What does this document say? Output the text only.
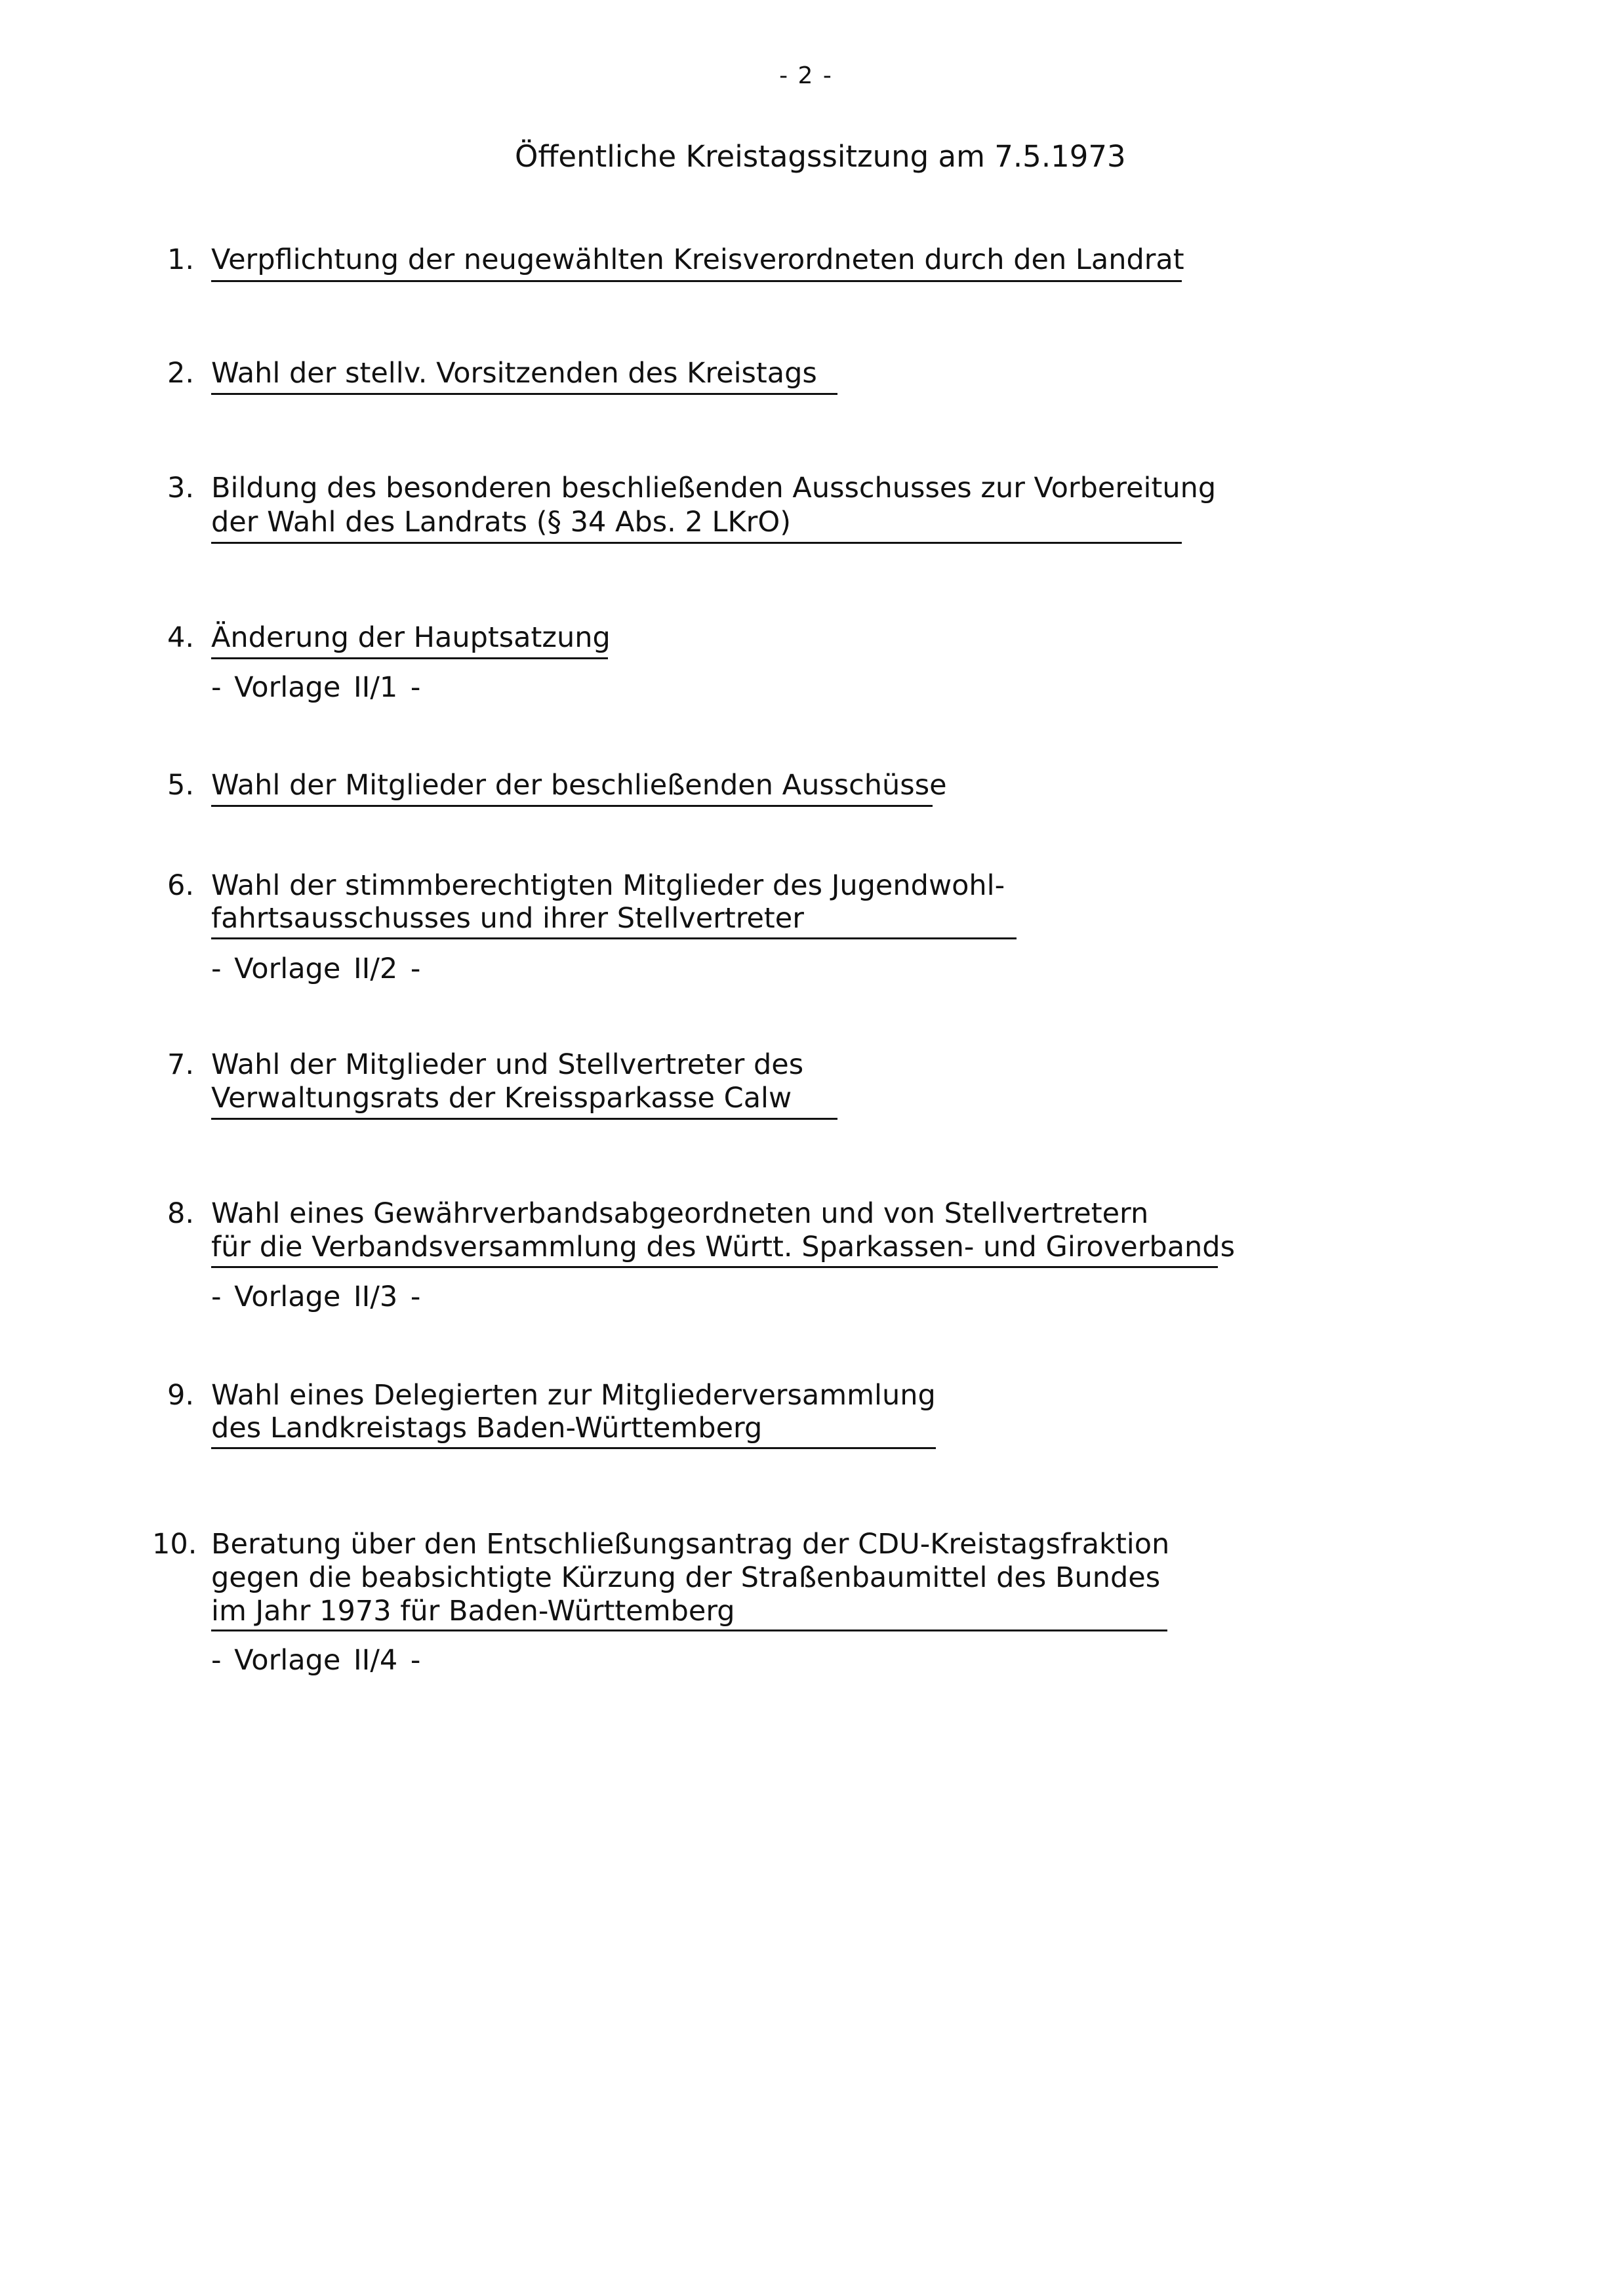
- 2 -
Öffentliche Kreistagssitzung am 7.5.1973
1. Verpflichtung der neugewählten Kreisverordneten durch den Landrat
2. Wahl der stellv. Vorsitzenden des Kreistags
3. Bildung des besonderen beschließenden Ausschusses zur Vorbereitung
der Wahl des Landrats (§ 34 Abs. 2 LKrO)
4. Änderung der Hauptsatzung
- Vorlage II/1 -
5. Wahl der Mitglieder der beschließenden Ausschüsse
6. Wahl der stimmberechtigten Mitglieder des Jugendwohl-
fahrtsausschusses und ihrer Stellvertreter
- Vorlage II/2 -
7. Wahl der Mitglieder und Stellvertreter des
Verwaltungsrats der Kreissparkasse Calw
8. Wahl eines Gewährverbandsabgeordneten und von Stellvertretern
für die Verbandsversammlung des Württ. Sparkassen- und Giroverbands
- Vorlage II/3 -
9. Wahl eines Delegierten zur Mitgliederversammlung
des Landkreistags Baden-Württemberg
10. Beratung über den Entschließungsantrag der CDU-Kreistagsfraktion
gegen die beabsichtigte Kürzung der Straßenbaumittel des Bundes
im Jahr 1973 für Baden-Württemberg
- Vorlage II/4 -
